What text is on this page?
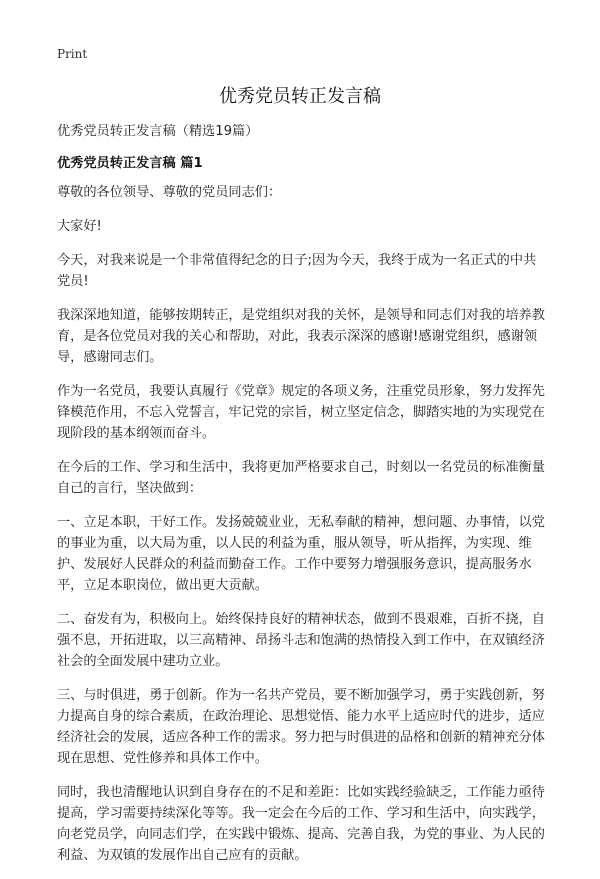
Print
优秀党员转正发言稿
优秀党员转正发言稿（精选19篇）
优秀党员转正发言稿 篇1

尊敬的各位领导、尊敬的党员同志们：

大家好!

今天，对我来说是一个非常值得纪念的日子;因为今天，我终于成为一名正式的中共党员!

我深深地知道，能够按期转正，是党组织对我的关怀，是领导和同志们对我的培养教育，是各位党员对我的关心和帮助，对此，我表示深深的感谢!感谢党组织，感谢领导，感谢同志们。

作为一名党员，我要认真履行《党章》规定的各项义务，注重党员形象，努力发挥先锋模范作用，不忘入党誓言，牢记党的宗旨，树立坚定信念，脚踏实地的为实现党在现阶段的基本纲领而奋斗。

在今后的工作、学习和生活中，我将更加严格要求自己，时刻以一名党员的标准衡量自己的言行，坚决做到：

一、立足本职，干好工作。发扬兢兢业业，无私奉献的精神，想问题、办事情，以党的事业为重，以大局为重，以人民的利益为重，服从领导，听从指挥，为实现、维护、发展好人民群众的利益而勤奋工作。工作中要努力增强服务意识，提高服务水平，立足本职岗位，做出更大贡献。

二、奋发有为，积极向上。始终保持良好的精神状态，做到不畏艰难，百折不挠，自强不息，开拓进取，以三高精神、昂扬斗志和饱满的热情投入到工作中，在双镇经济社会的全面发展中建功立业。

三、与时俱进，勇于创新。作为一名共产党员，要不断加强学习，勇于实践创新，努力提高自身的综合素质，在政治理论、思想觉悟、能力水平上适应时代的进步，适应经济社会的发展，适应各种工作的需求。努力把与时俱进的品格和创新的精神充分体现在思想、党性修养和具体工作中。

同时，我也清醒地认识到自身存在的不足和差距：比如实践经验缺乏，工作能力亟待提高，学习需要持续深化等等。我一定会在今后的工作、学习和生活中，向实践学，向老党员学，向同志们学，在实践中锻炼、提高、完善自我，为党的事业、为人民的利益、为双镇的发展作出自己应有的贡献。
